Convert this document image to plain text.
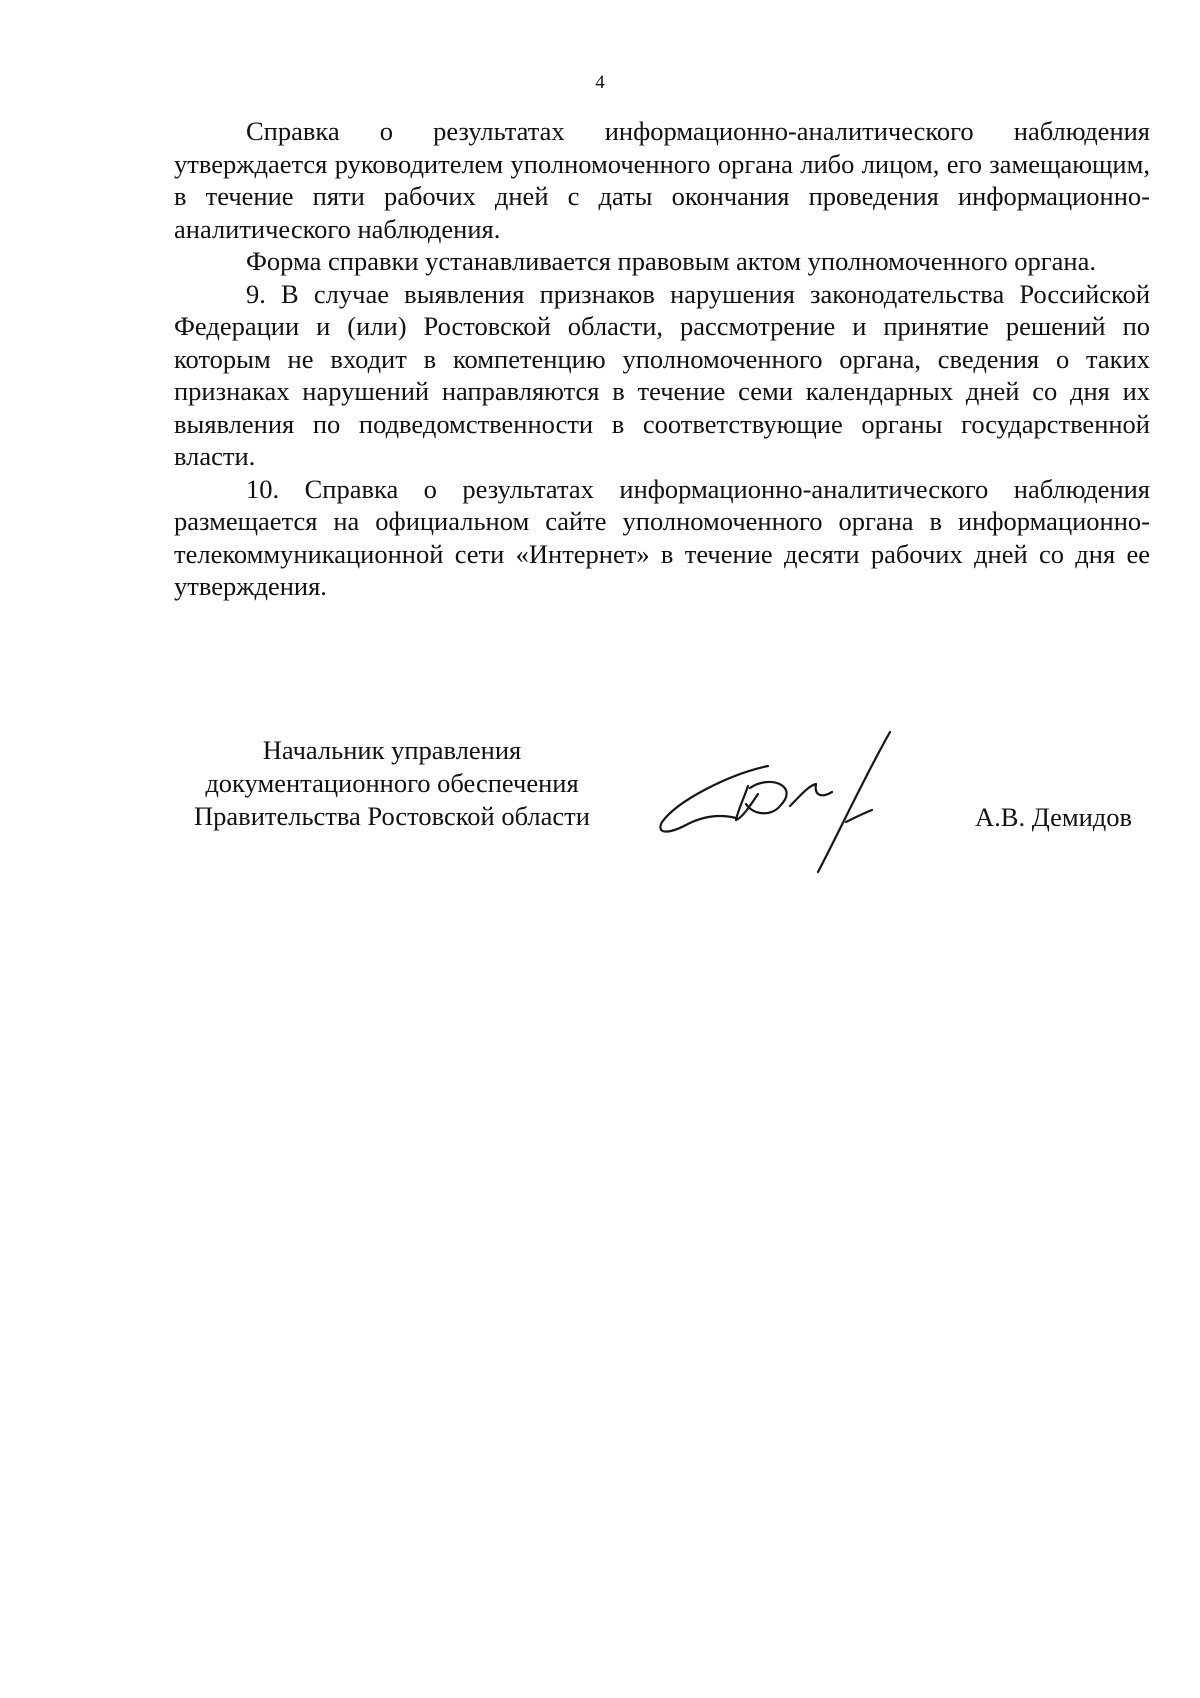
4

Справка о результатах информационно-аналитического наблюдения утверждается руководителем уполномоченного органа либо лицом, его замещающим, в течение пяти рабочих дней с даты окончания проведения информационно-аналитического наблюдения.

Форма справки устанавливается правовым актом уполномоченного органа.

9. В случае выявления признаков нарушения законодательства Российской Федерации и (или) Ростовской области, рассмотрение и принятие решений по которым не входит в компетенцию уполномоченного органа, сведения о таких признаках нарушений направляются в течение семи календарных дней со дня их выявления по подведомственности в соответствующие органы государственной власти.

10. Справка о результатах информационно-аналитического наблюдения размещается на официальном сайте уполномоченного органа в информационно-телекоммуникационной сети «Интернет» в течение десяти рабочих дней со дня ее утверждения.

Начальник управления
документационного обеспечения
Правительства Ростовской области	А.В. Демидов
